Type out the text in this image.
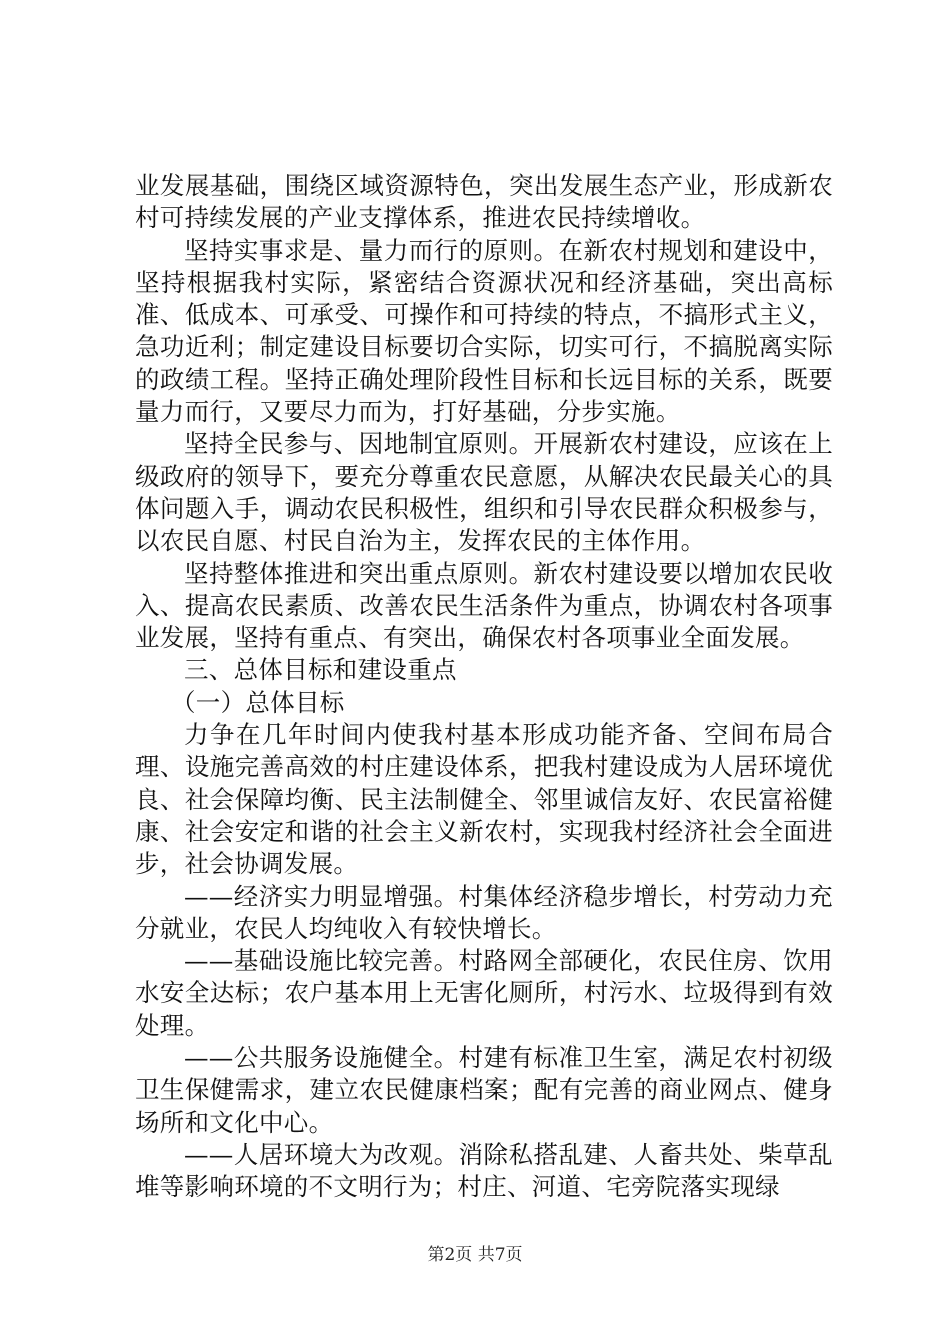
业发展基础，围绕区域资源特色，突出发展生态产业，形成新农村可持续发展的产业支撑体系，推进农民持续增收。

坚持实事求是、量力而行的原则。在新农村规划和建设中，坚持根据我村实际，紧密结合资源状况和经济基础，突出高标准、低成本、可承受、可操作和可持续的特点，不搞形式主义，急功近利；制定建设目标要切合实际，切实可行，不搞脱离实际的政绩工程。坚持正确处理阶段性目标和长远目标的关系，既要量力而行，又要尽力而为，打好基础，分步实施。

坚持全民参与、因地制宜原则。开展新农村建设，应该在上级政府的领导下，要充分尊重农民意愿，从解决农民最关心的具体问题入手，调动农民积极性，组织和引导农民群众积极参与，以农民自愿、村民自治为主，发挥农民的主体作用。

坚持整体推进和突出重点原则。新农村建设要以增加农民收入、提高农民素质、改善农民生活条件为重点，协调农村各项事业发展，坚持有重点、有突出，确保农村各项事业全面发展。

三、总体目标和建设重点

（一）总体目标

力争在几年时间内使我村基本形成功能齐备、空间布局合理、设施完善高效的村庄建设体系，把我村建设成为人居环境优良、社会保障均衡、民主法制健全、邻里诚信友好、农民富裕健康、社会安定和谐的社会主义新农村，实现我村经济社会全面进步，社会协调发展。

——经济实力明显增强。村集体经济稳步增长，村劳动力充分就业，农民人均纯收入有较快增长。

——基础设施比较完善。村路网全部硬化，农民住房、饮用水安全达标；农户基本用上无害化厕所，村污水、垃圾得到有效处理。

——公共服务设施健全。村建有标准卫生室，满足农村初级卫生保健需求，建立农民健康档案；配有完善的商业网点、健身场所和文化中心。

——人居环境大为改观。消除私搭乱建、人畜共处、柴草乱堆等影响环境的不文明行为；村庄、河道、宅旁院落实现绿

第2页 共7页
